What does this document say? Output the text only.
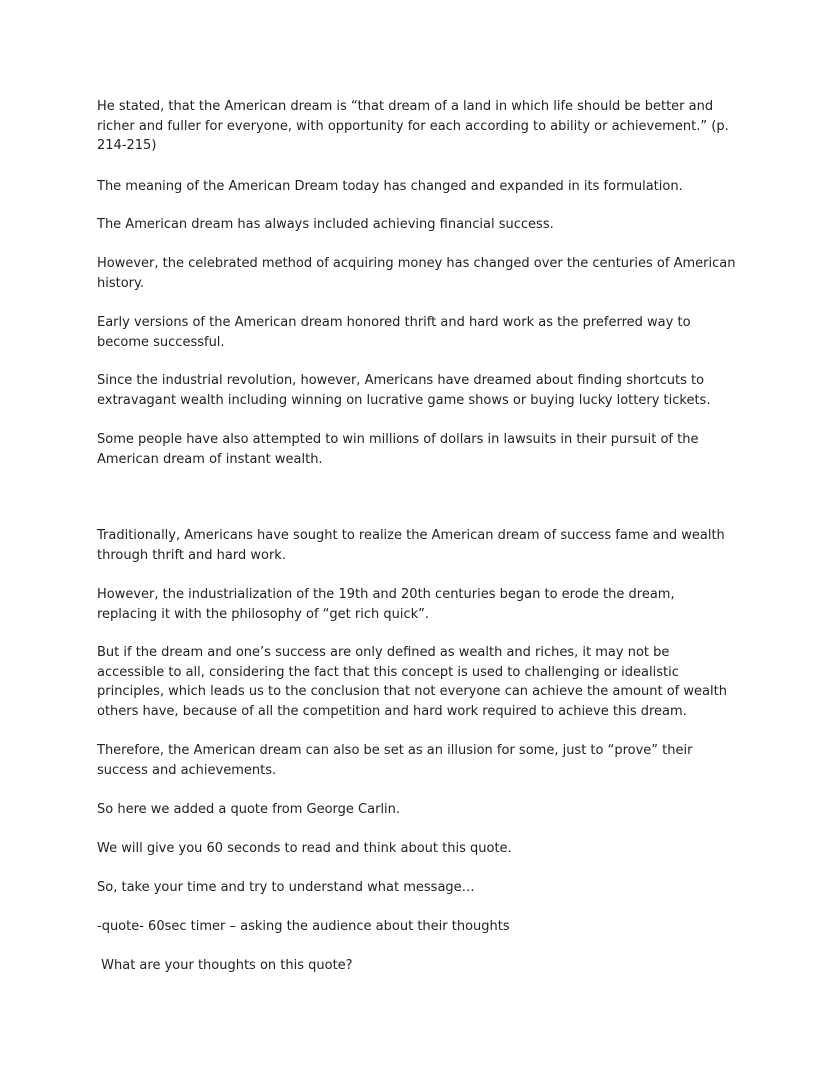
He stated, that the American dream is “that dream of a land in which life should be better and richer and fuller for everyone, with opportunity for each according to ability or achievement.” (p. 214-215)

The meaning of the American Dream today has changed and expanded in its formulation.

The American dream has always included achieving financial success.

However, the celebrated method of acquiring money has changed over the centuries of American history.

Early versions of the American dream honored thrift and hard work as the preferred way to become successful.

Since the industrial revolution, however, Americans have dreamed about finding shortcuts to extravagant wealth including winning on lucrative game shows or buying lucky lottery tickets.

Some people have also attempted to win millions of dollars in lawsuits in their pursuit of the American dream of instant wealth.

Traditionally, Americans have sought to realize the American dream of success fame and wealth through thrift and hard work.

However, the industrialization of the 19th and 20th centuries began to erode the dream, replacing it with the philosophy of “get rich quick”.

But if the dream and one’s success are only defined as wealth and riches, it may not be accessible to all, considering the fact that this concept is used to challenging or idealistic principles, which leads us to the conclusion that not everyone can achieve the amount of wealth others have, because of all the competition and hard work required to achieve this dream.

Therefore, the American dream can also be set as an illusion for some, just to “prove” their success and achievements.

So here we added a quote from George Carlin.

We will give you 60 seconds to read and think about this quote.

So, take your time and try to understand what message…

-quote- 60sec timer – asking the audience about their thoughts

What are your thoughts on this quote?
